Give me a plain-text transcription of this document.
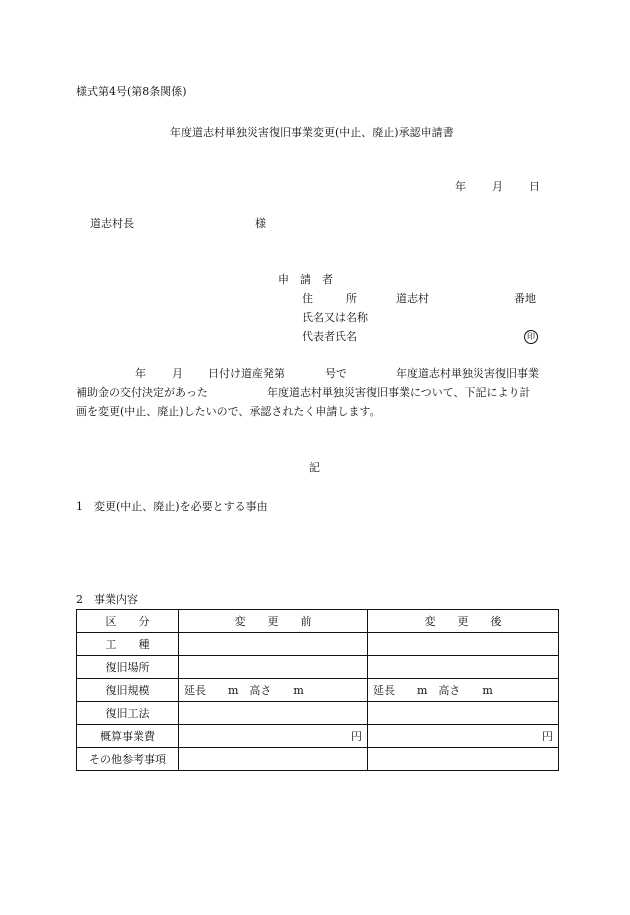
様式第4号(第8条関係)
年度道志村単独災害復旧事業変更(中止、廃止)承認申請書
年 月 日
道志村長	様
申　請　者
住　　　所	道志村	番地
氏名又は名称
代表者氏名	印
年 月 日付け道産発第	号で	年度道志村単独災害復旧事業
補助金の交付決定があった	年度道志村単独災害復旧事業について、下記により計
画を変更(中止、廃止)したいので、承認されたく申請します。
記
1　変更(中止、廃止)を必要とする事由
2　事業内容
区　　分	変　　更　　前	変　　更　　後
工　　種		
復旧場所		
復旧規模	延長　　m　高さ　　m	延長　　m　高さ　　m
復旧工法		
概算事業費	円	円
その他参考事項		
